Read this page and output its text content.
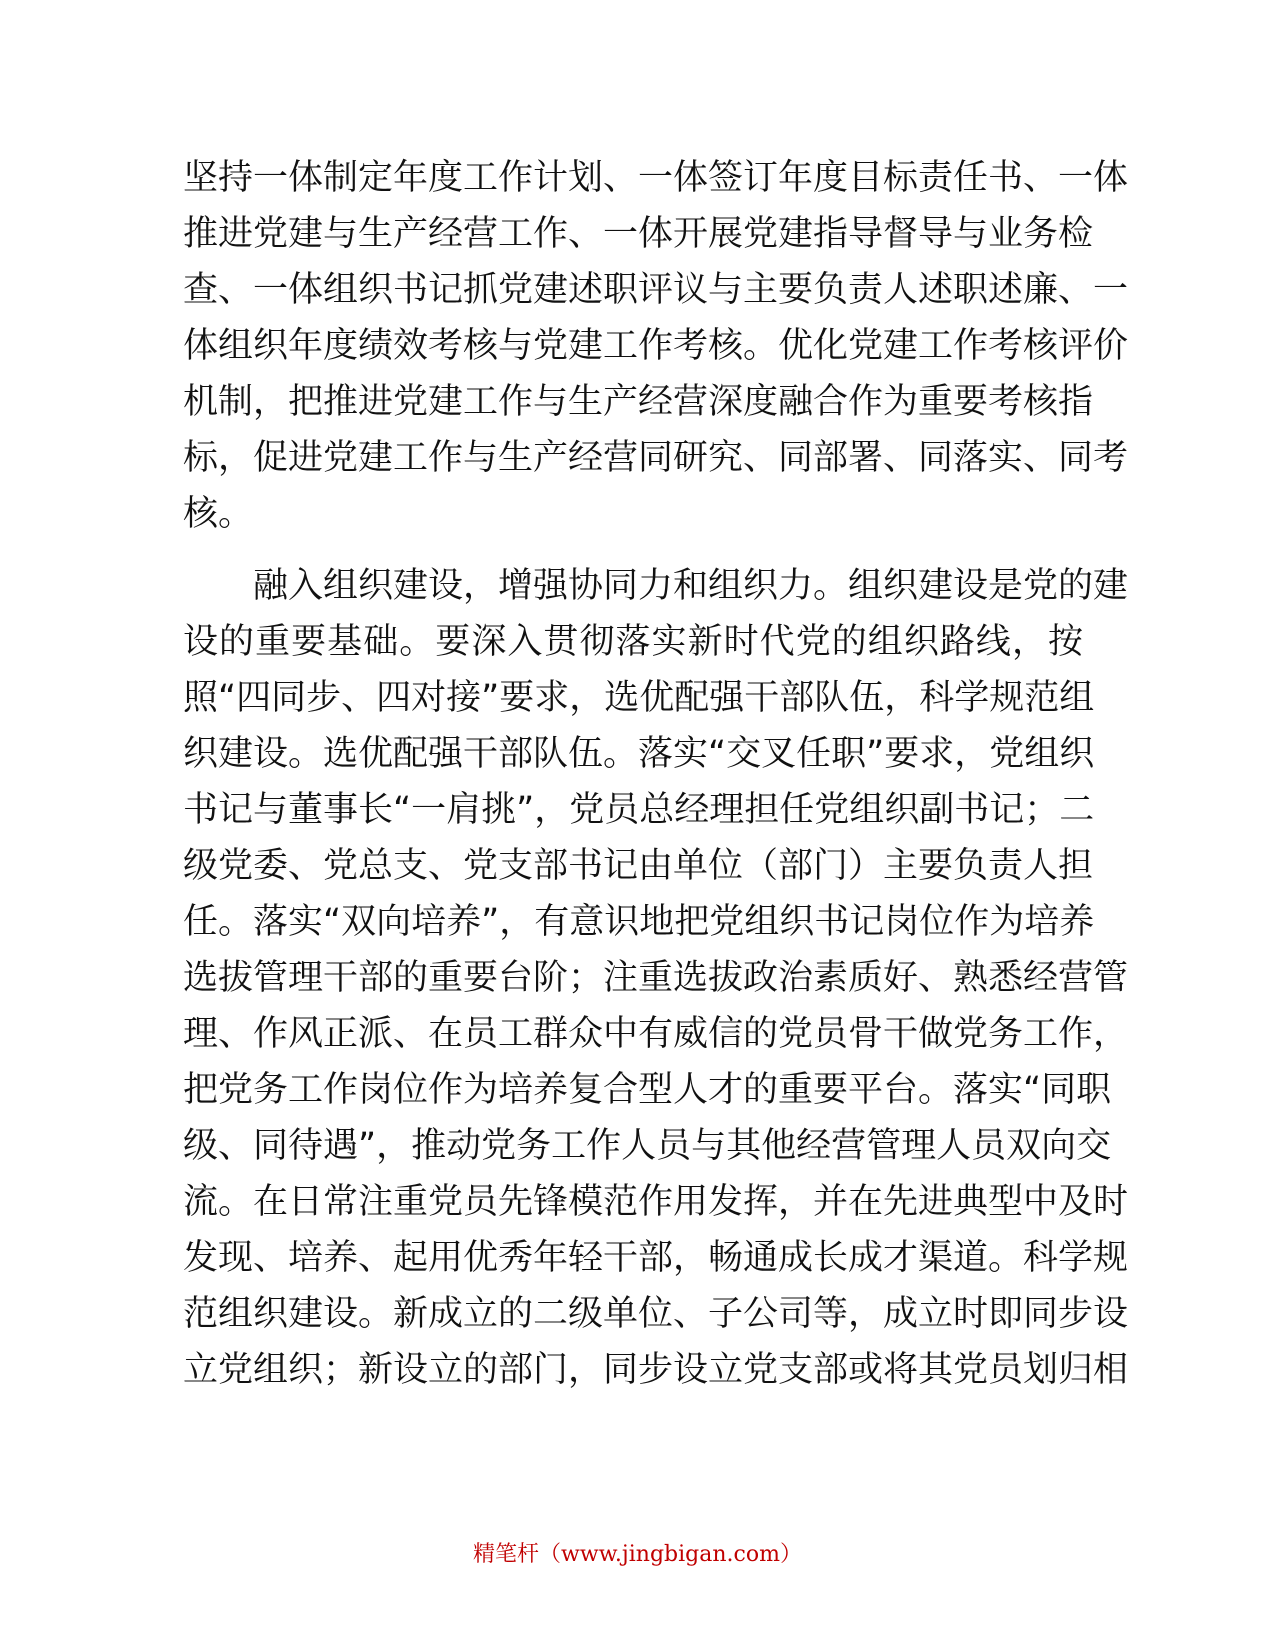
坚持一体制定年度工作计划、一体签订年度目标责任书、一体
推进党建与生产经营工作、一体开展党建指导督导与业务检
查、一体组织书记抓党建述职评议与主要负责人述职述廉、一
体组织年度绩效考核与党建工作考核。优化党建工作考核评价
机制，把推进党建工作与生产经营深度融合作为重要考核指
标，促进党建工作与生产经营同研究、同部署、同落实、同考
核。
融入组织建设，增强协同力和组织力。组织建设是党的建
设的重要基础。要深入贯彻落实新时代党的组织路线，按
照“四同步、四对接”要求，选优配强干部队伍，科学规范组
织建设。选优配强干部队伍。落实“交叉任职”要求，党组织
书记与董事长“一肩挑”，党员总经理担任党组织副书记；二
级党委、党总支、党支部书记由单位（部门）主要负责人担
任。落实“双向培养”，有意识地把党组织书记岗位作为培养
选拔管理干部的重要台阶；注重选拔政治素质好、熟悉经营管
理、作风正派、在员工群众中有威信的党员骨干做党务工作，
把党务工作岗位作为培养复合型人才的重要平台。落实“同职
级、同待遇”，推动党务工作人员与其他经营管理人员双向交
流。在日常注重党员先锋模范作用发挥，并在先进典型中及时
发现、培养、起用优秀年轻干部，畅通成长成才渠道。科学规
范组织建设。新成立的二级单位、子公司等，成立时即同步设
立党组织；新设立的部门，同步设立党支部或将其党员划归相
精笔杆（www.jingbigan.com）
